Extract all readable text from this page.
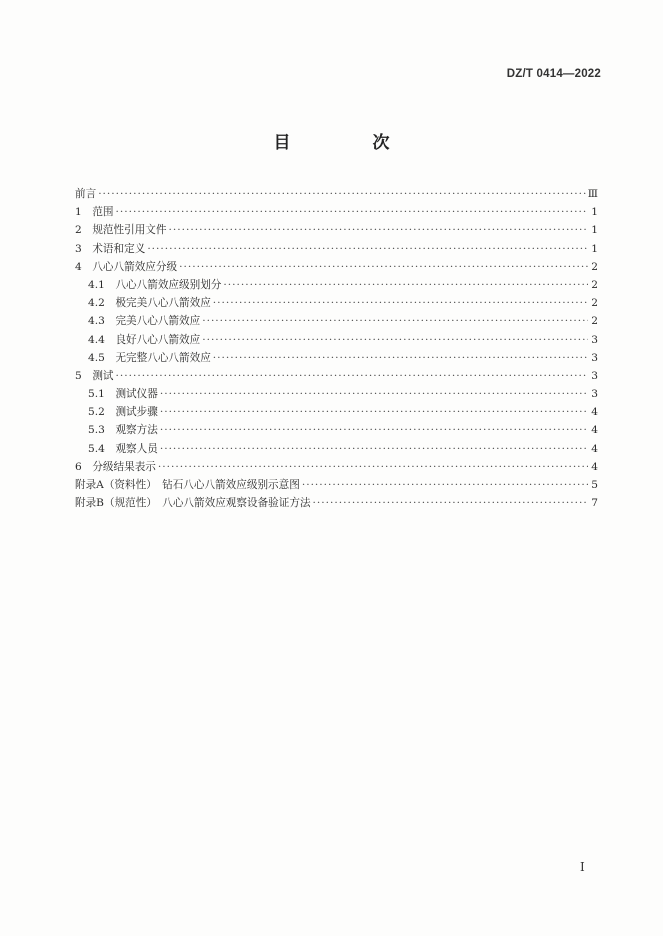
DZ/T 0414—2022
目 次
前言 ·····	Ⅲ
1　范围 ·····	1
2　规范性引用文件 ·····	1
3　术语和定义 ·····	1
4　八心八箭效应分级 ·····	2
4.1　八心八箭效应级别划分 ·····	2
4.2　极完美八心八箭效应 ·····	2
4.3　完美八心八箭效应 ·····	2
4.4　良好八心八箭效应 ·····	3
4.5　无完整八心八箭效应 ·····	3
5　测试 ·····	3
5.1　测试仪器 ·····	3
5.2　测试步骤 ·····	4
5.3　观察方法 ·····	4
5.4　观察人员 ·····	4
6　分级结果表示 ·····	4
附录A（资料性）　钻石八心八箭效应级别示意图 ·····	5
附录B（规范性）　八心八箭效应观察设备验证方法 ·····	7
Ⅰ
